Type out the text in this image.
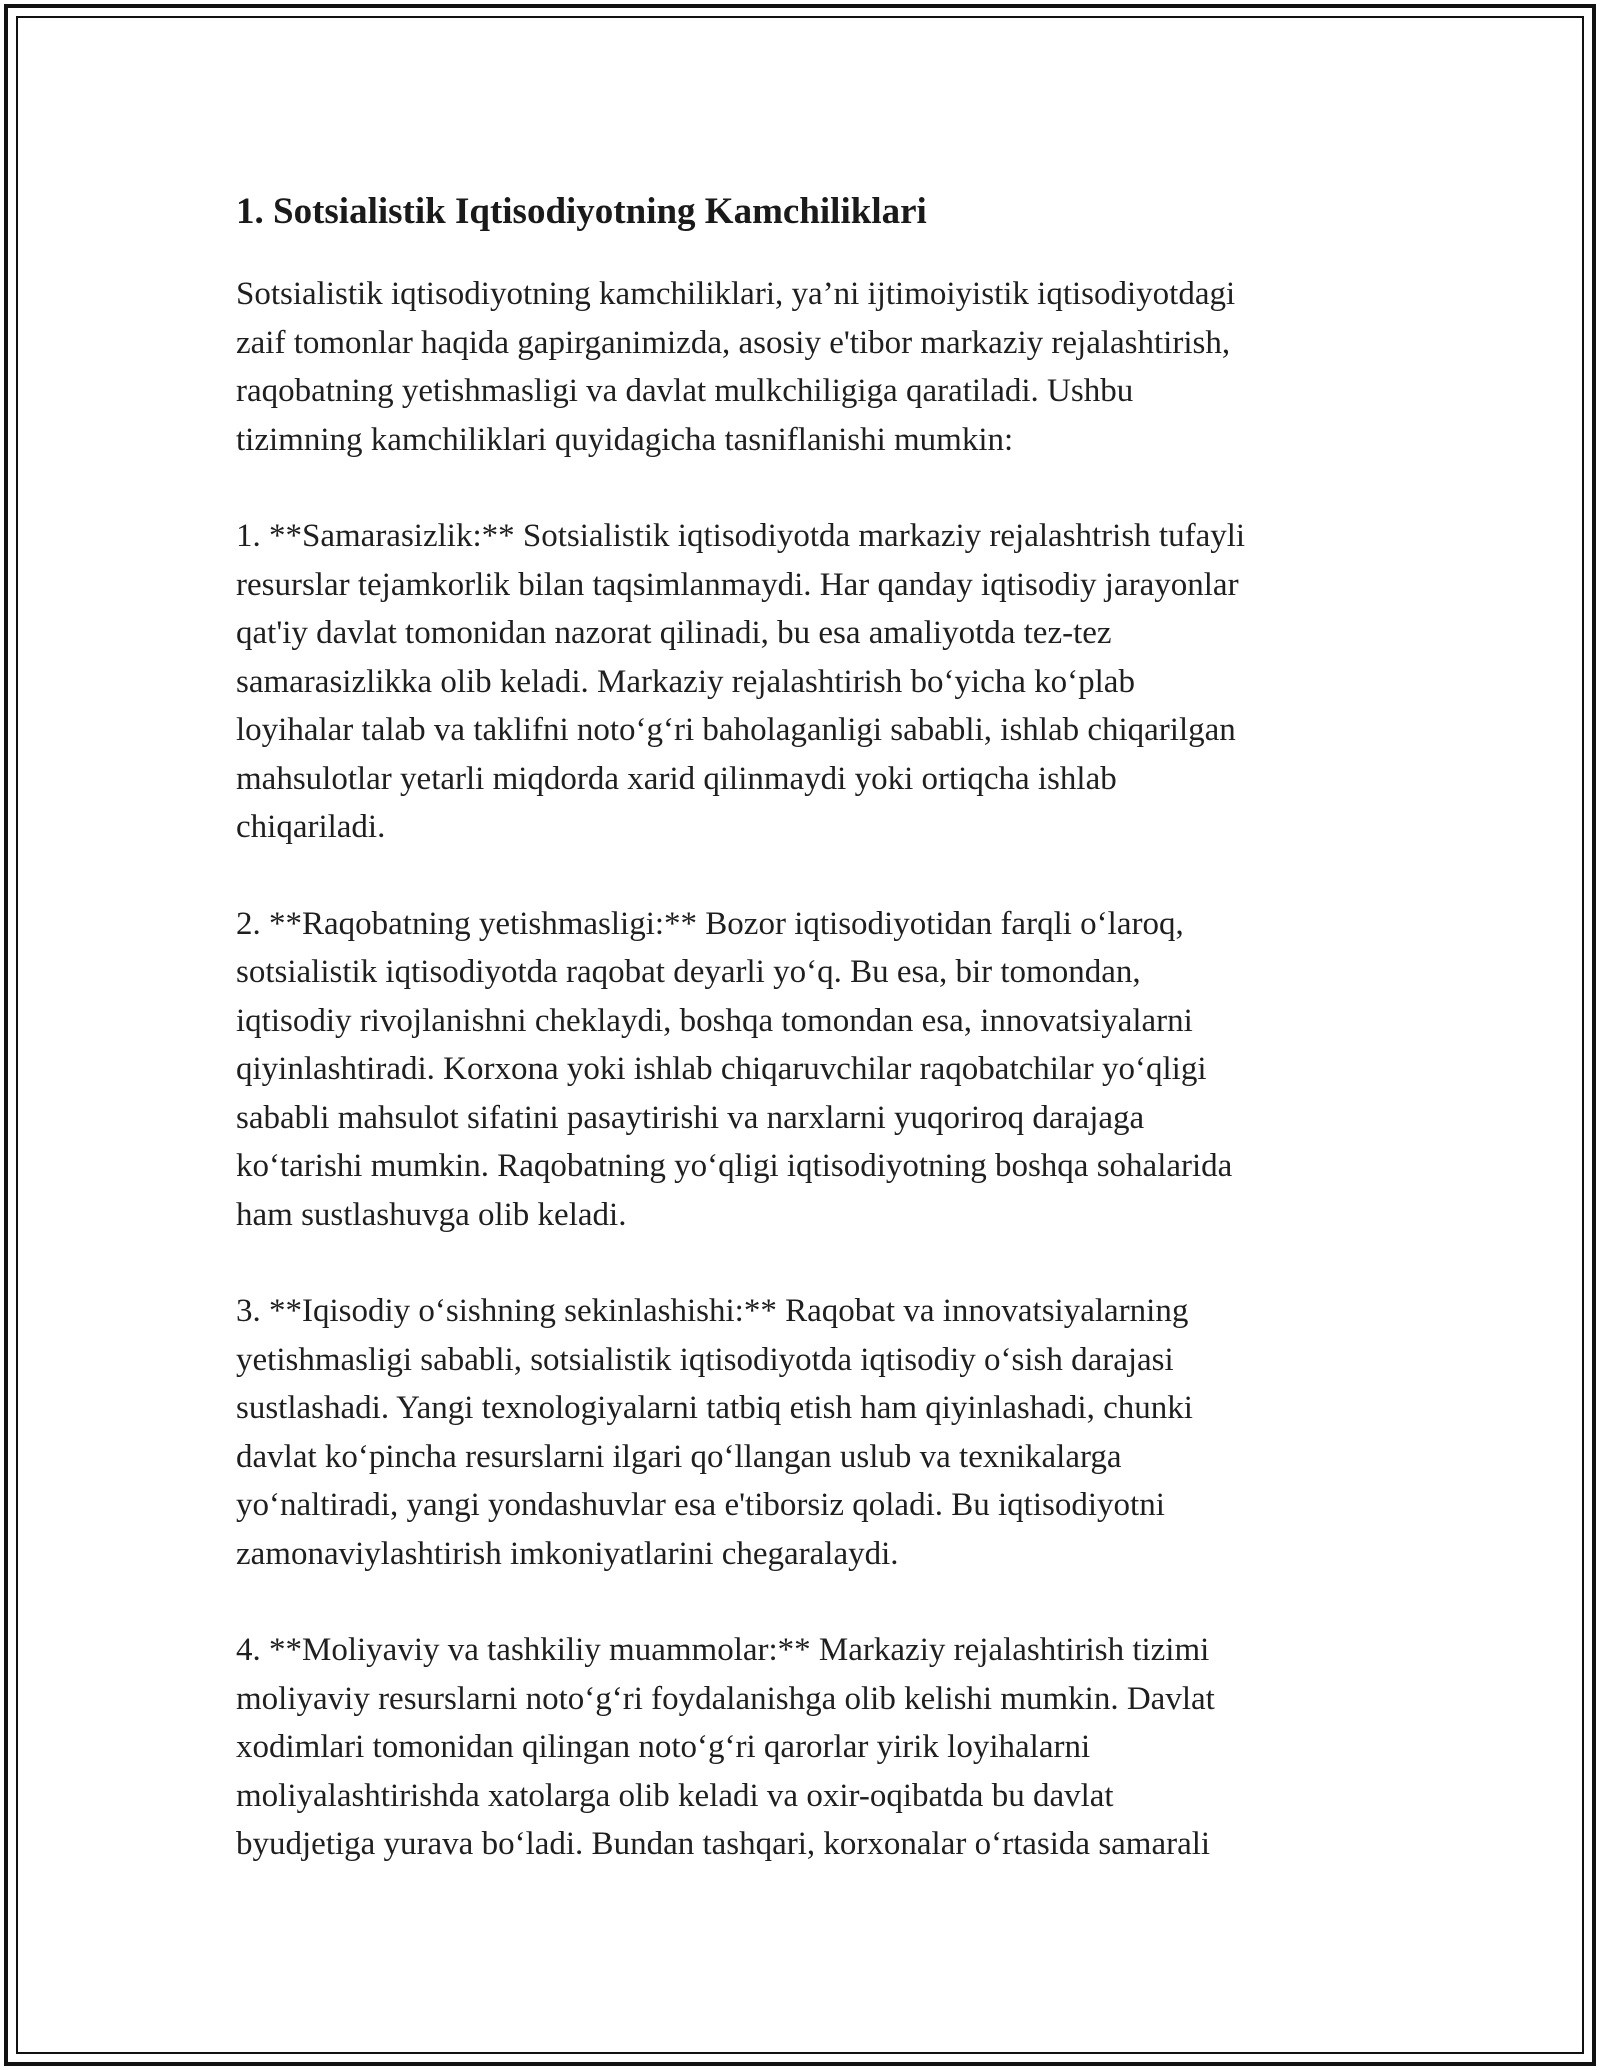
1. Sotsialistik Iqtisodiyotning Kamchiliklari

Sotsialistik iqtisodiyotning kamchiliklari, ya’ni ijtimoiyistik iqtisodiyotdagi
zaif tomonlar haqida gapirganimizda, asosiy e'tibor markaziy rejalashtirish,
raqobatning yetishmasligi va davlat mulkchiligiga qaratiladi. Ushbu
tizimning kamchiliklari quyidagicha tasniflanishi mumkin:

1. **Samarasizlik:** Sotsialistik iqtisodiyotda markaziy rejalashtrish tufayli
resurslar tejamkorlik bilan taqsimlanmaydi. Har qanday iqtisodiy jarayonlar
qat'iy davlat tomonidan nazorat qilinadi, bu esa amaliyotda tez-tez
samarasizlikka olib keladi. Markaziy rejalashtirish bo‘yicha ko‘plab
loyihalar talab va taklifni noto‘g‘ri baholaganligi sababli, ishlab chiqarilgan
mahsulotlar yetarli miqdorda xarid qilinmaydi yoki ortiqcha ishlab
chiqariladi.

2. **Raqobatning yetishmasligi:** Bozor iqtisodiyotidan farqli o‘laroq,
sotsialistik iqtisodiyotda raqobat deyarli yo‘q. Bu esa, bir tomondan,
iqtisodiy rivojlanishni cheklaydi, boshqa tomondan esa, innovatsiyalarni
qiyinlashtiradi. Korxona yoki ishlab chiqaruvchilar raqobatchilar yo‘qligi
sababli mahsulot sifatini pasaytirishi va narxlarni yuqoriroq darajaga
ko‘tarishi mumkin. Raqobatning yo‘qligi iqtisodiyotning boshqa sohalarida
ham sustlashuvga olib keladi.

3. **Iqisodiy o‘sishning sekinlashishi:** Raqobat va innovatsiyalarning
yetishmasligi sababli, sotsialistik iqtisodiyotda iqtisodiy o‘sish darajasi
sustlashadi. Yangi texnologiyalarni tatbiq etish ham qiyinlashadi, chunki
davlat ko‘pincha resurslarni ilgari qo‘llangan uslub va texnikalarga
yo‘naltiradi, yangi yondashuvlar esa e'tiborsiz qoladi. Bu iqtisodiyotni
zamonaviylashtirish imkoniyatlarini chegaralaydi.

4. **Moliyaviy va tashkiliy muammolar:** Markaziy rejalashtirish tizimi
moliyaviy resurslarni noto‘g‘ri foydalanishga olib kelishi mumkin. Davlat
xodimlari tomonidan qilingan noto‘g‘ri qarorlar yirik loyihalarni
moliyalashtirishda xatolarga olib keladi va oxir-oqibatda bu davlat
byudjetiga yurava bo‘ladi. Bundan tashqari, korxonalar o‘rtasida samarali
